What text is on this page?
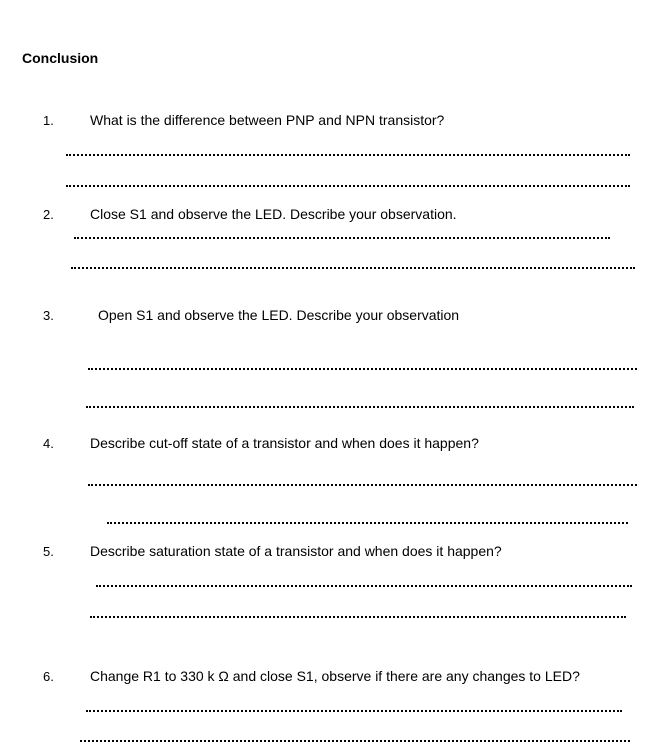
Conclusion
1.	What is the difference between PNP and NPN transistor?
2.	Close S1 and observe the LED. Describe your observation.
3.	Open S1 and observe the LED. Describe your observation
4.	Describe cut-off state of a transistor and when does it happen?
5.	Describe saturation state of a transistor and when does it happen?
6.	Change R1 to 330 k Ω and close S1, observe if there are any changes to LED?
